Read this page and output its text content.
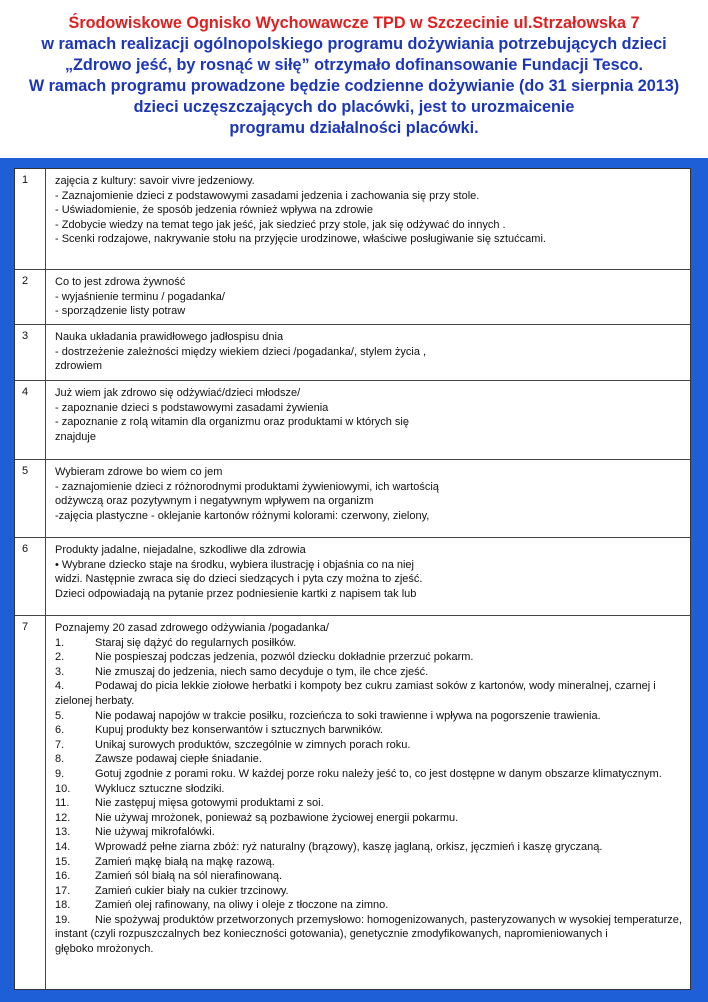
Środowiskowe Ognisko Wychowawcze TPD w Szczecinie ul.Strzałowska 7
w ramach realizacji ogólnopolskiego programu dożywiania potrzebujących dzieci
„Zdrowo jeść, by rosnąć w siłę” otrzymało dofinansowanie Fundacji Tesco.
W ramach programu prowadzone będzie codzienne dożywianie (do 31 sierpnia 2013)
dzieci uczęszczających do placówki, jest to urozmaicenie
programu działalności placówki.
1	zajęcia z kultury: savoir vivre jedzeniowy.
- Zaznajomienie dzieci z podstawowymi zasadami jedzenia i zachowania się przy stole.
- Uświadomienie, że sposób jedzenia również wpływa na zdrowie
- Zdobycie wiedzy na temat tego jak jeść, jak siedzieć przy stole, jak się odżywać do innych .
- Scenki rodzajowe, nakrywanie stołu na przyjęcie urodzinowe, właściwe posługiwanie się sztućcami.
2	Co to jest zdrowa żywność
- wyjaśnienie terminu / pogadanka/
- sporządzenie listy potraw
3	Nauka układania prawidłowego jadłospisu dnia
- dostrzeżenie zależności między wiekiem dzieci /pogadanka/, stylem życia ,
zdrowiem
4	Już wiem jak zdrowo się odżywiać/dzieci młodsze/
- zapoznanie dzieci s podstawowymi zasadami żywienia
- zapoznanie z rolą witamin dla organizmu oraz produktami w których się
znajduje
5	Wybieram zdrowe bo wiem co jem
- zaznajomienie dzieci z różnorodnymi produktami żywieniowymi, ich wartością
odżywczą oraz pozytywnym i negatywnym wpływem na organizm
-zajęcia plastyczne - oklejanie kartonów różnymi kolorami: czerwony, zielony,
6	Produkty jadalne, niejadalne, szkodliwe dla zdrowia
• Wybrane dziecko staje na środku, wybiera ilustrację i objaśnia co na niej
widzi. Następnie zwraca się do dzieci siedzących i pyta czy można to zjeść.
Dzieci odpowiadają na pytanie przez podniesienie kartki z napisem tak lub
7	Poznajemy 20 zasad zdrowego odżywiania /pogadanka/
1.	Staraj się dążyć do regularnych posiłków.
2.	Nie pospieszaj podczas jedzenia, pozwól dziecku dokładnie przerzuć pokarm.
3.	Nie zmuszaj do jedzenia, niech samo decyduje o tym, ile chce zjeść.
4.	Podawaj do picia lekkie ziołowe herbatki i kompoty bez cukru zamiast soków z kartonów, wody mineralnej, czarnej i zielonej herbaty.
5.	Nie podawaj napojów w trakcie posiłku, rozcieńcza to soki trawienne i wpływa na pogorszenie trawienia.
6.	Kupuj produkty bez konserwantów i sztucznych barwników.
7.	Unikaj surowych produktów, szczególnie w zimnych porach roku.
8.	Zawsze podawaj ciepłe śniadanie.
9.	Gotuj zgodnie z porami roku. W każdej porze roku należy jeść to, co jest dostępne w danym obszarze klimatycznym.
10. Wyklucz sztuczne słodziki.
11. Nie zastępuj mięsa gotowymi produktami z soi.
12. Nie używaj mrożonek, ponieważ są pozbawione życiowej energii pokarmu.
13. Nie używaj mikrofalówki.
14. Wprowadź pełne ziarna zbóż: ryż naturalny (brązowy), kaszę jaglaną, orkisz, jęczmień i kaszę gryczaną.
15. Zamień mąkę białą na mąkę razową.
16. Zamień sól białą na sól nierafinowaną.
17. Zamień cukier biały na cukier trzcinowy.
18. Zamień olej rafinowany, na oliwy i oleje z tłoczone na zimno.
19. Nie spożywaj produktów przetworzonych przemysłowo: homogenizowanych, pasteryzowanych w wysokiej temperaturze, instant (czyli rozpuszczalnych bez konieczności gotowania), genetycznie zmodyfikowanych, napromieniowanych i
głęboko mrożonych.
